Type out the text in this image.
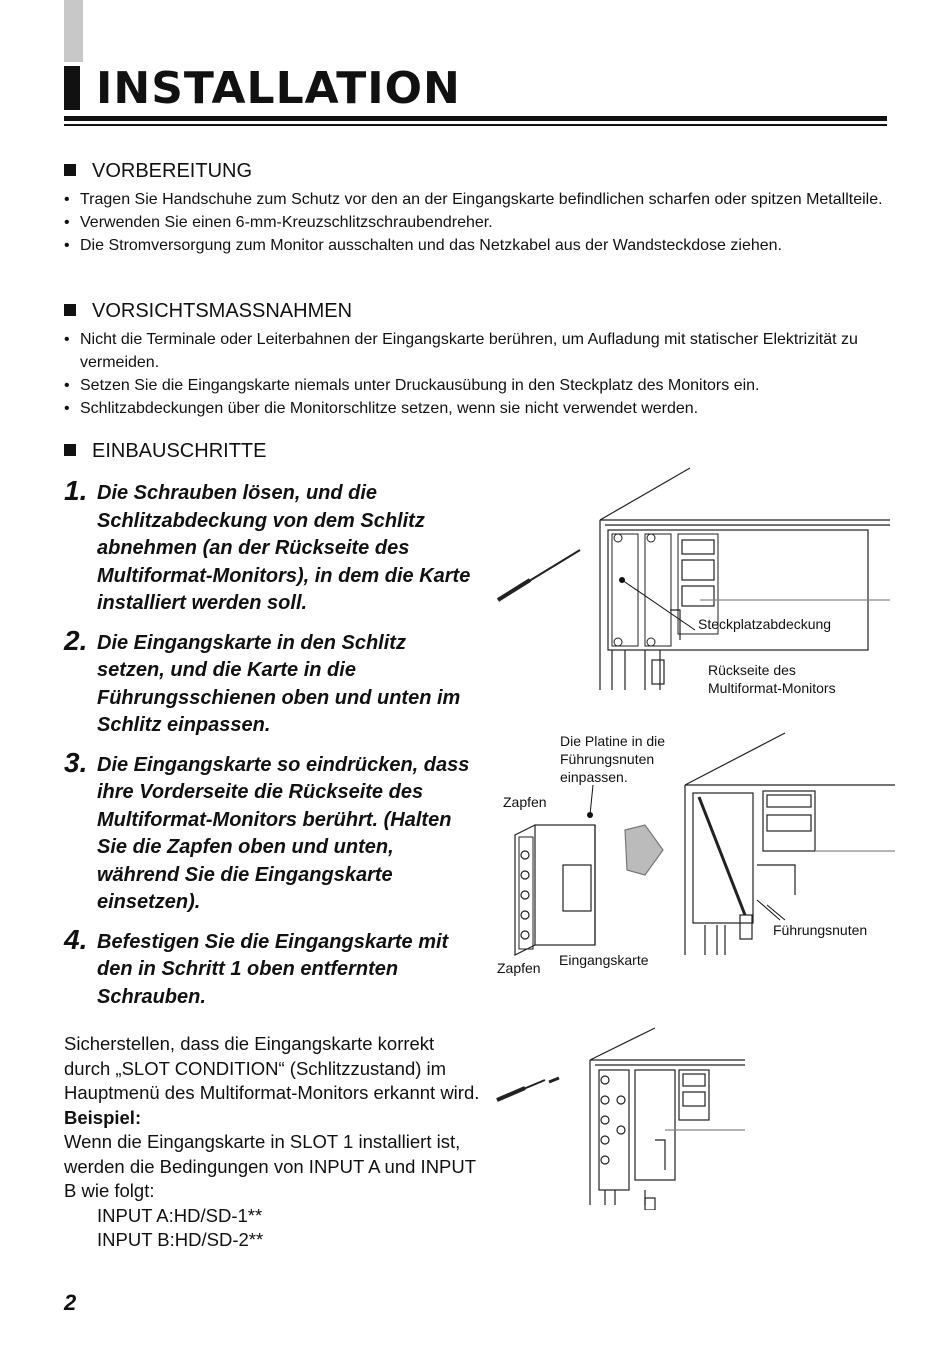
INSTALLATION
VORBEREITUNG
• Tragen Sie Handschuhe zum Schutz vor den an der Eingangskarte befindlichen scharfen oder spitzen Metallteile.
• Verwenden Sie einen 6-mm-Kreuzschlitzschraubendreher.
• Die Stromversorgung zum Monitor ausschalten und das Netzkabel aus der Wandsteckdose ziehen.
VORSICHTSMASSNAHMEN
• Nicht die Terminale oder Leiterbahnen der Eingangskarte berühren, um Aufladung mit statischer Elektrizität zu vermeiden.
• Setzen Sie die Eingangskarte niemals unter Druckausübung in den Steckplatz des Monitors ein.
• Schlitzabdeckungen über die Monitorschlitze setzen, wenn sie nicht verwendet werden.
EINBAUSCHRITTE
1. Die Schrauben lösen, und die Schlitzabdeckung von dem Schlitz abnehmen (an der Rückseite des Multiformat-Monitors), in dem die Karte installiert werden soll.
2. Die Eingangskarte in den Schlitz setzen, und die Karte in die Führungsschienen oben und unten im Schlitz einpassen.
3. Die Eingangskarte so eindrücken, dass ihre Vorderseite die Rückseite des Multiformat-Monitors berührt. (Halten Sie die Zapfen oben und unten, während Sie die Eingangskarte einsetzen).
4. Befestigen Sie die Eingangskarte mit den in Schritt 1 oben entfernten Schrauben.
Sicherstellen, dass die Eingangskarte korrekt durch „SLOT CONDITION“ (Schlitzzustand) im Hauptmenü des Multiformat-Monitors erkannt wird.
Beispiel:
Wenn die Eingangskarte in SLOT 1 installiert ist, werden die Bedingungen von INPUT A und INPUT B wie folgt:
INPUT A:HD/SD-1**
INPUT B:HD/SD-2**
2
Steckplatzabdeckung
Rückseite des
Multiformat-Monitors
Die Platine in die
Führungsnuten
einpassen.
Zapfen
Zapfen Eingangskarte
Führungsnuten
